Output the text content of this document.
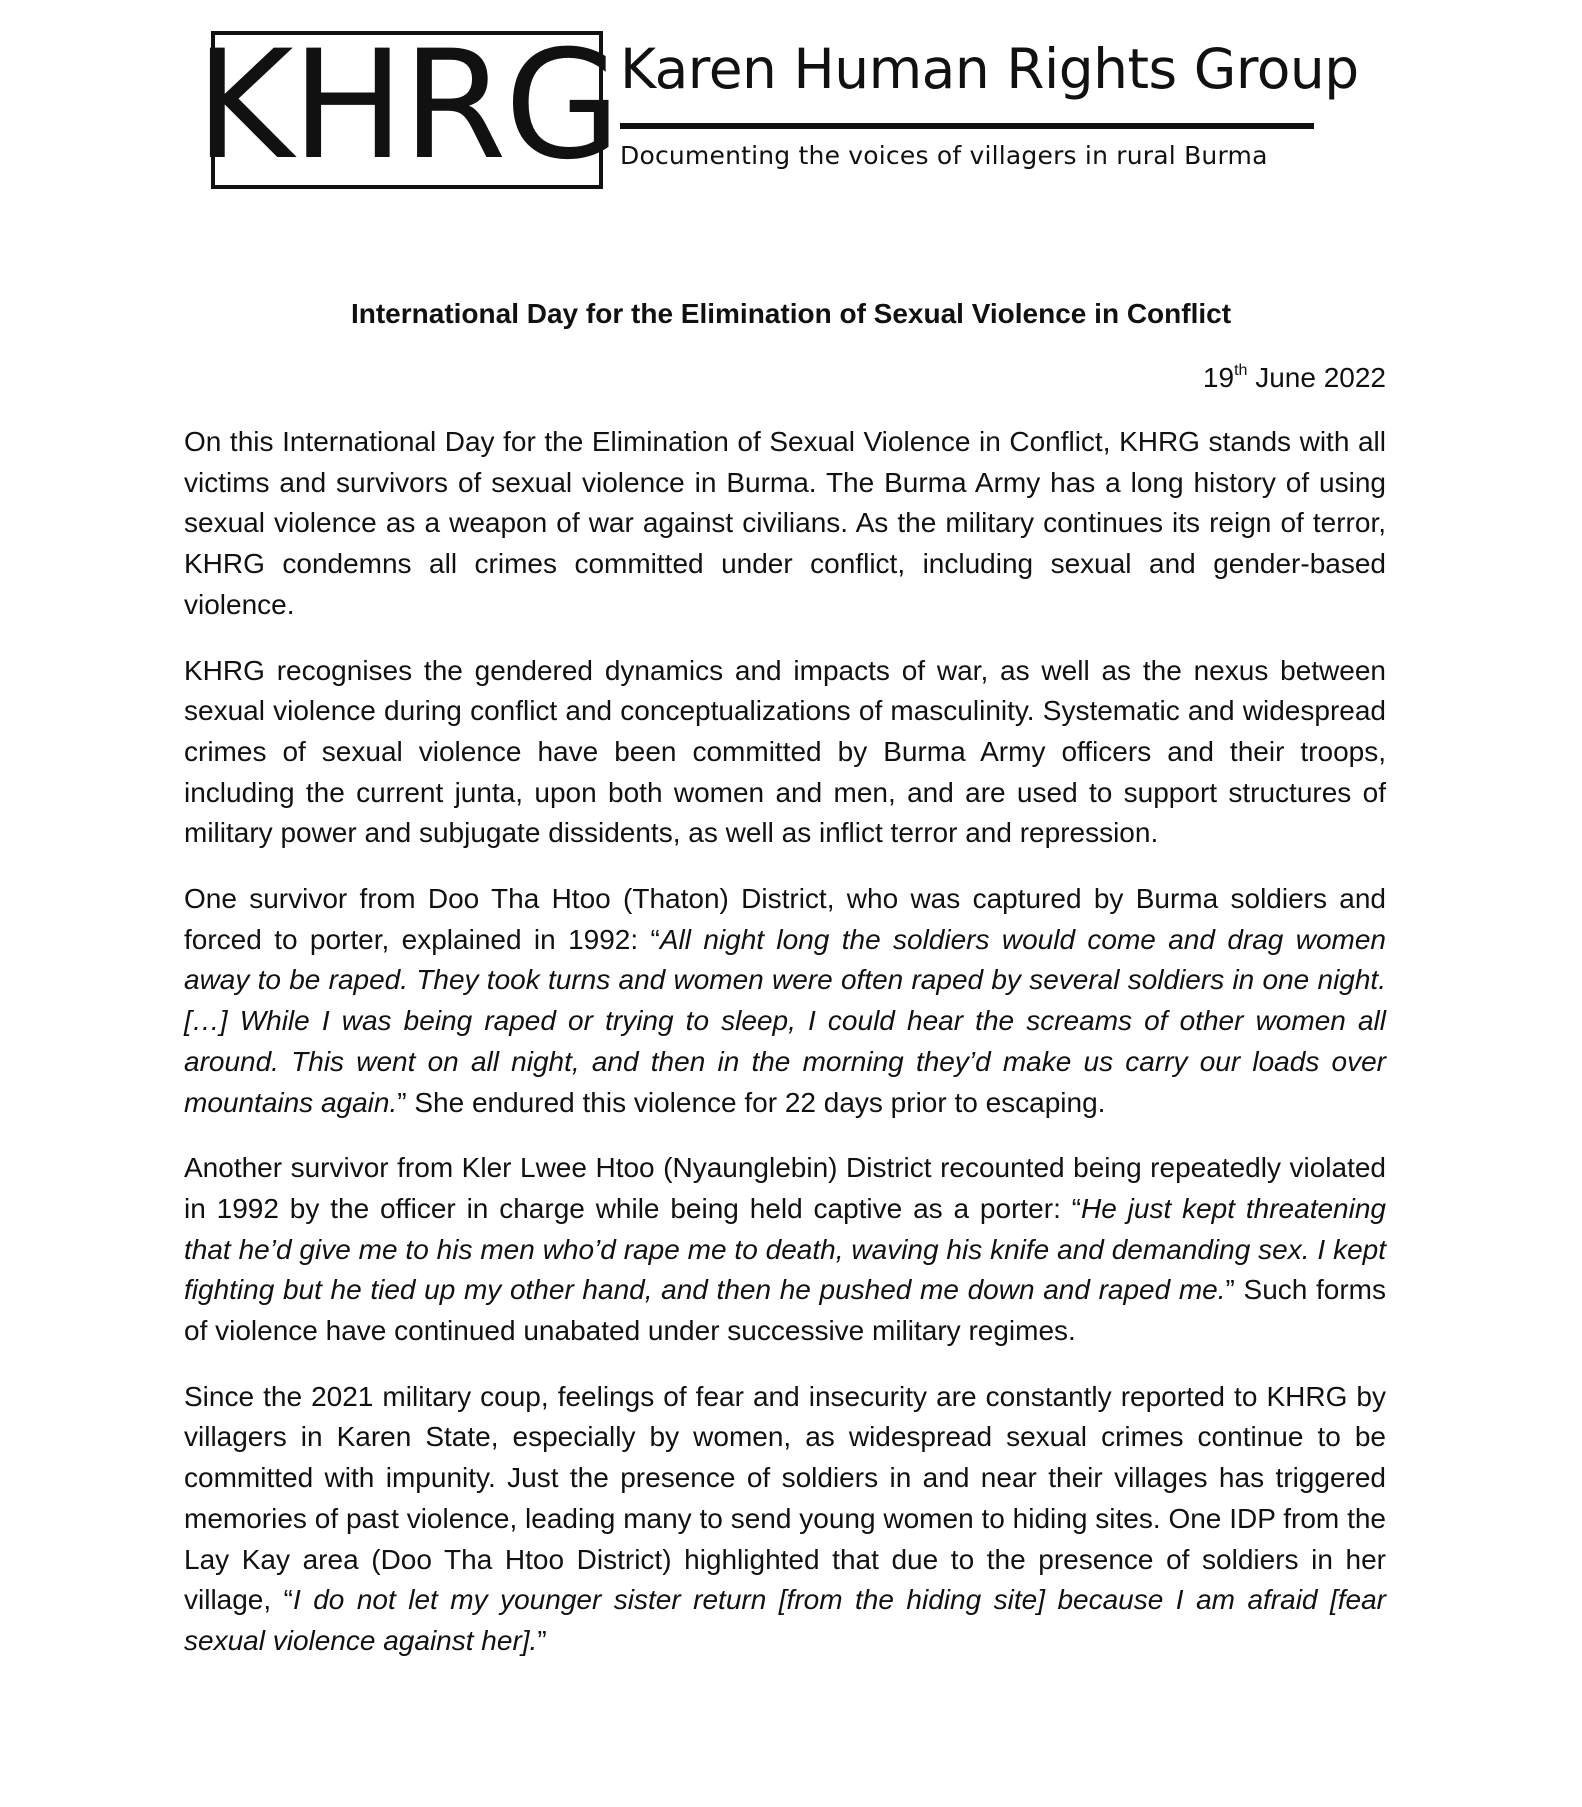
KHRG Karen Human Rights Group
Documenting the voices of villagers in rural Burma
International Day for the Elimination of Sexual Violence in Conflict
19th June 2022

On this International Day for the Elimination of Sexual Violence in Conflict, KHRG stands with all victims and survivors of sexual violence in Burma. The Burma Army has a long history of using sexual violence as a weapon of war against civilians. As the military continues its reign of terror, KHRG condemns all crimes committed under conflict, including sexual and gender-based violence.

KHRG recognises the gendered dynamics and impacts of war, as well as the nexus between sexual violence during conflict and conceptualizations of masculinity. Systematic and widespread crimes of sexual violence have been committed by Burma Army officers and their troops, including the current junta, upon both women and men, and are used to support structures of military power and subjugate dissidents, as well as inflict terror and repression.

One survivor from Doo Tha Htoo (Thaton) District, who was captured by Burma soldiers and forced to porter, explained in 1992: “All night long the soldiers would come and drag women away to be raped. They took turns and women were often raped by several soldiers in one night. […] While I was being raped or trying to sleep, I could hear the screams of other women all around. This went on all night, and then in the morning they’d make us carry our loads over mountains again.” She endured this violence for 22 days prior to escaping.

Another survivor from Kler Lwee Htoo (Nyaunglebin) District recounted being repeatedly violated in 1992 by the officer in charge while being held captive as a porter: “He just kept threatening that he’d give me to his men who’d rape me to death, waving his knife and demanding sex. I kept fighting but he tied up my other hand, and then he pushed me down and raped me.” Such forms of violence have continued unabated under successive military regimes.

Since the 2021 military coup, feelings of fear and insecurity are constantly reported to KHRG by villagers in Karen State, especially by women, as widespread sexual crimes continue to be committed with impunity. Just the presence of soldiers in and near their villages has triggered memories of past violence, leading many to send young women to hiding sites. One IDP from the Lay Kay area (Doo Tha Htoo District) highlighted that due to the presence of soldiers in her village, “I do not let my younger sister return [from the hiding site] because I am afraid [fear sexual violence against her].”
